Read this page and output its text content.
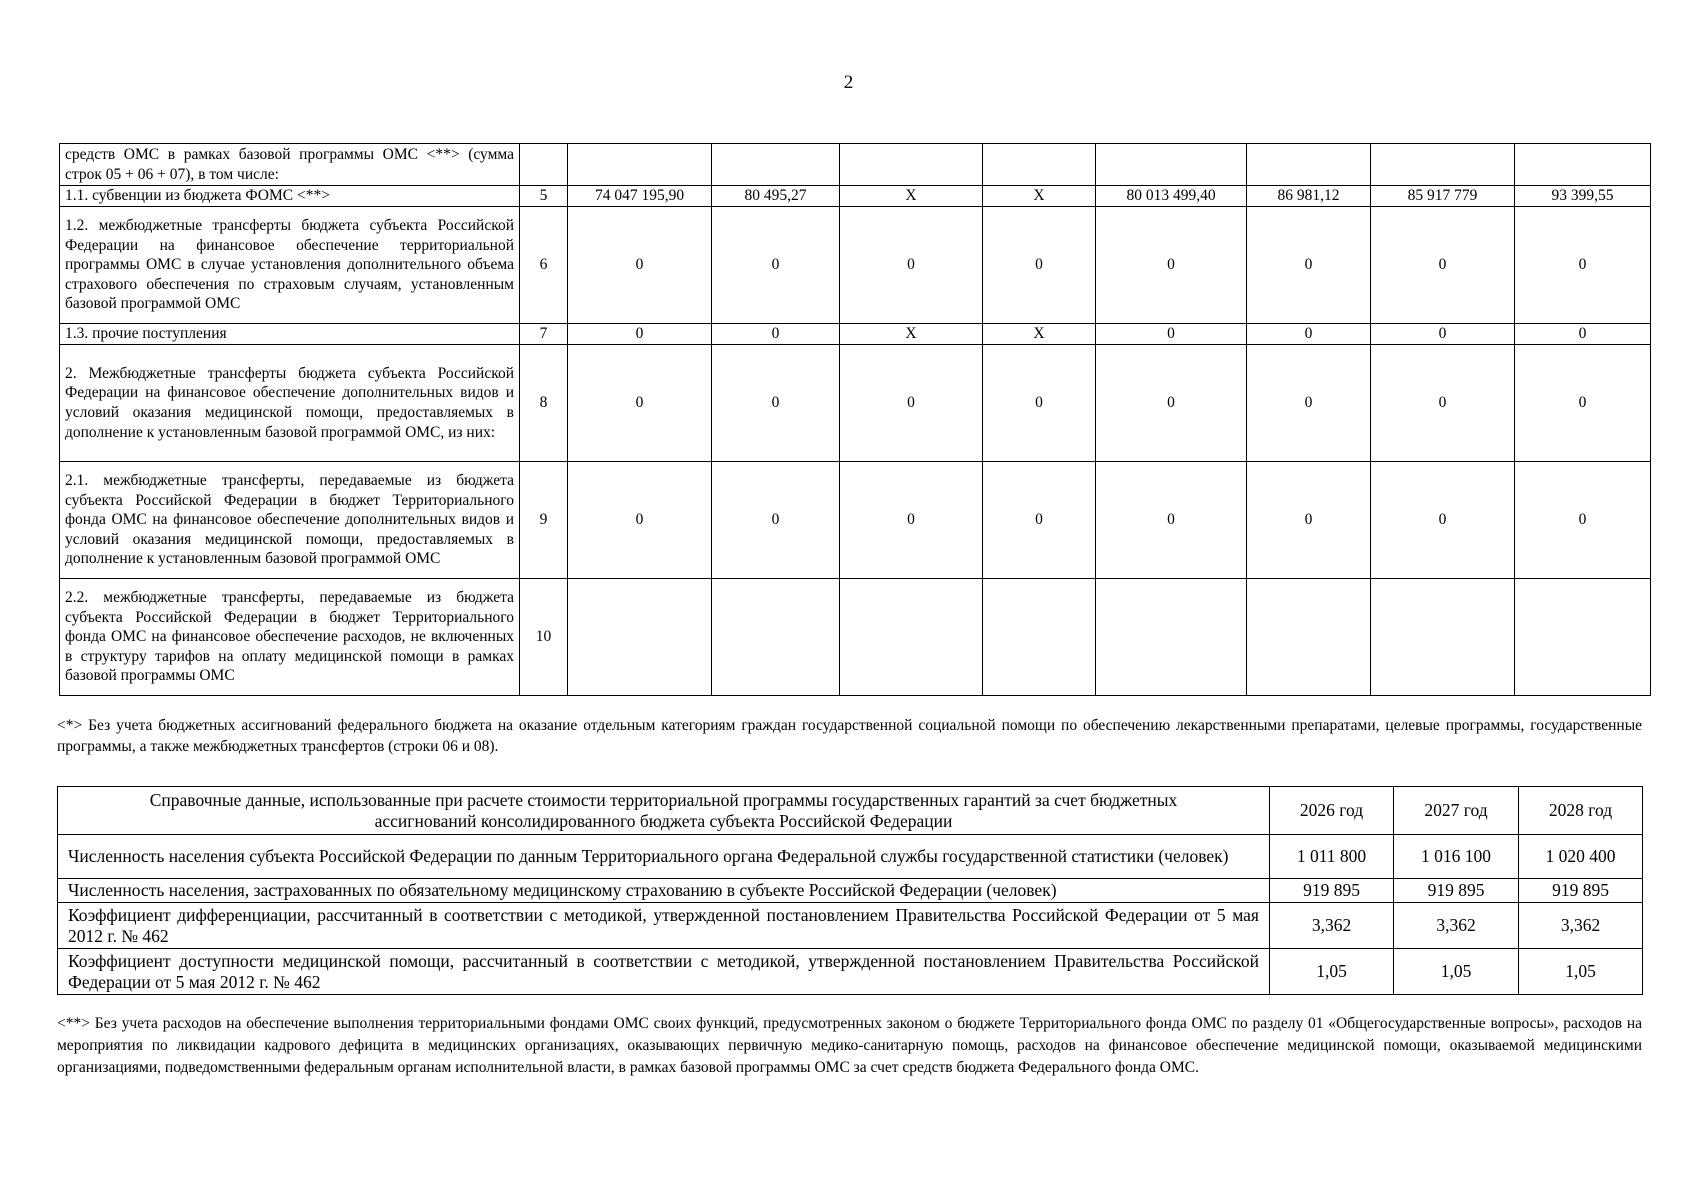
2
средств ОМС в рамках базовой программы ОМС <**> (сумма строк 05 + 06 + 07), в том числе:									
1.1. субвенции из бюджета ФОМС <**>	5	74 047 195,90	80 495,27	X	X	80 013 499,40	86 981,12	85 917 779	93 399,55
1.2. межбюджетные трансферты бюджета субъекта Российской Федерации на финансовое обеспечение территориальной программы ОМС в случае установления дополнительного объема страхового обеспечения по страховым случаям, установленным базовой программой ОМС	6	0	0	0	0	0	0	0	0
1.3. прочие поступления	7	0	0	X	X	0	0	0	0
2. Межбюджетные трансферты бюджета субъекта Российской Федерации на финансовое обеспечение дополнительных видов и условий оказания медицинской помощи, предоставляемых в дополнение к установленным базовой программой ОМС, из них:	8	0	0	0	0	0	0	0	0
2.1. межбюджетные трансферты, передаваемые из бюджета субъекта Российской Федерации в бюджет Территориального фонда ОМС на финансовое обеспечение дополнительных видов и условий оказания медицинской помощи, предоставляемых в дополнение к установленным базовой программой ОМС	9	0	0	0	0	0	0	0	0
2.2. межбюджетные трансферты, передаваемые из бюджета субъекта Российской Федерации в бюджет Территориального фонда ОМС на финансовое обеспечение расходов, не включенных в структуру тарифов на оплату медицинской помощи в рамках базовой программы ОМС	10								
<*> Без учета бюджетных ассигнований федерального бюджета на оказание отдельным категориям граждан государственной социальной помощи по обеспечению лекарственными препаратами, целевые программы, государственные программы, а также межбюджетных трансфертов (строки 06 и 08).
Справочные данные, использованные при расчете стоимости территориальной программы государственных гарантий за счет бюджетных ассигнований консолидированного бюджета субъекта Российской Федерации	2026 год	2027 год	2028 год
Численность населения субъекта Российской Федерации по данным Территориального органа Федеральной службы государственной статистики (человек)	1 011 800	1 016 100	1 020 400
Численность населения, застрахованных по обязательному медицинскому страхованию в субъекте Российской Федерации (человек)	919 895	919 895	919 895
Коэффициент дифференциации, рассчитанный в соответствии с методикой, утвержденной постановлением Правительства Российской Федерации от 5 мая 2012 г. № 462	3,362	3,362	3,362
Коэффициент доступности медицинской помощи, рассчитанный в соответствии с методикой, утвержденной постановлением Правительства Российской Федерации от 5 мая 2012 г. № 462	1,05	1,05	1,05
<**> Без учета расходов на обеспечение выполнения территориальными фондами ОМС своих функций, предусмотренных законом о бюджете Территориального фонда ОМС по разделу 01 «Общегосударственные вопросы», расходов на мероприятия по ликвидации кадрового дефицита в медицинских организациях, оказывающих первичную медико-санитарную помощь, расходов на финансовое обеспечение медицинской помощи, оказываемой медицинскими организациями, подведомственными федеральным органам исполнительной власти, в рамках базовой программы ОМС за счет средств бюджета Федерального фонда ОМС.
